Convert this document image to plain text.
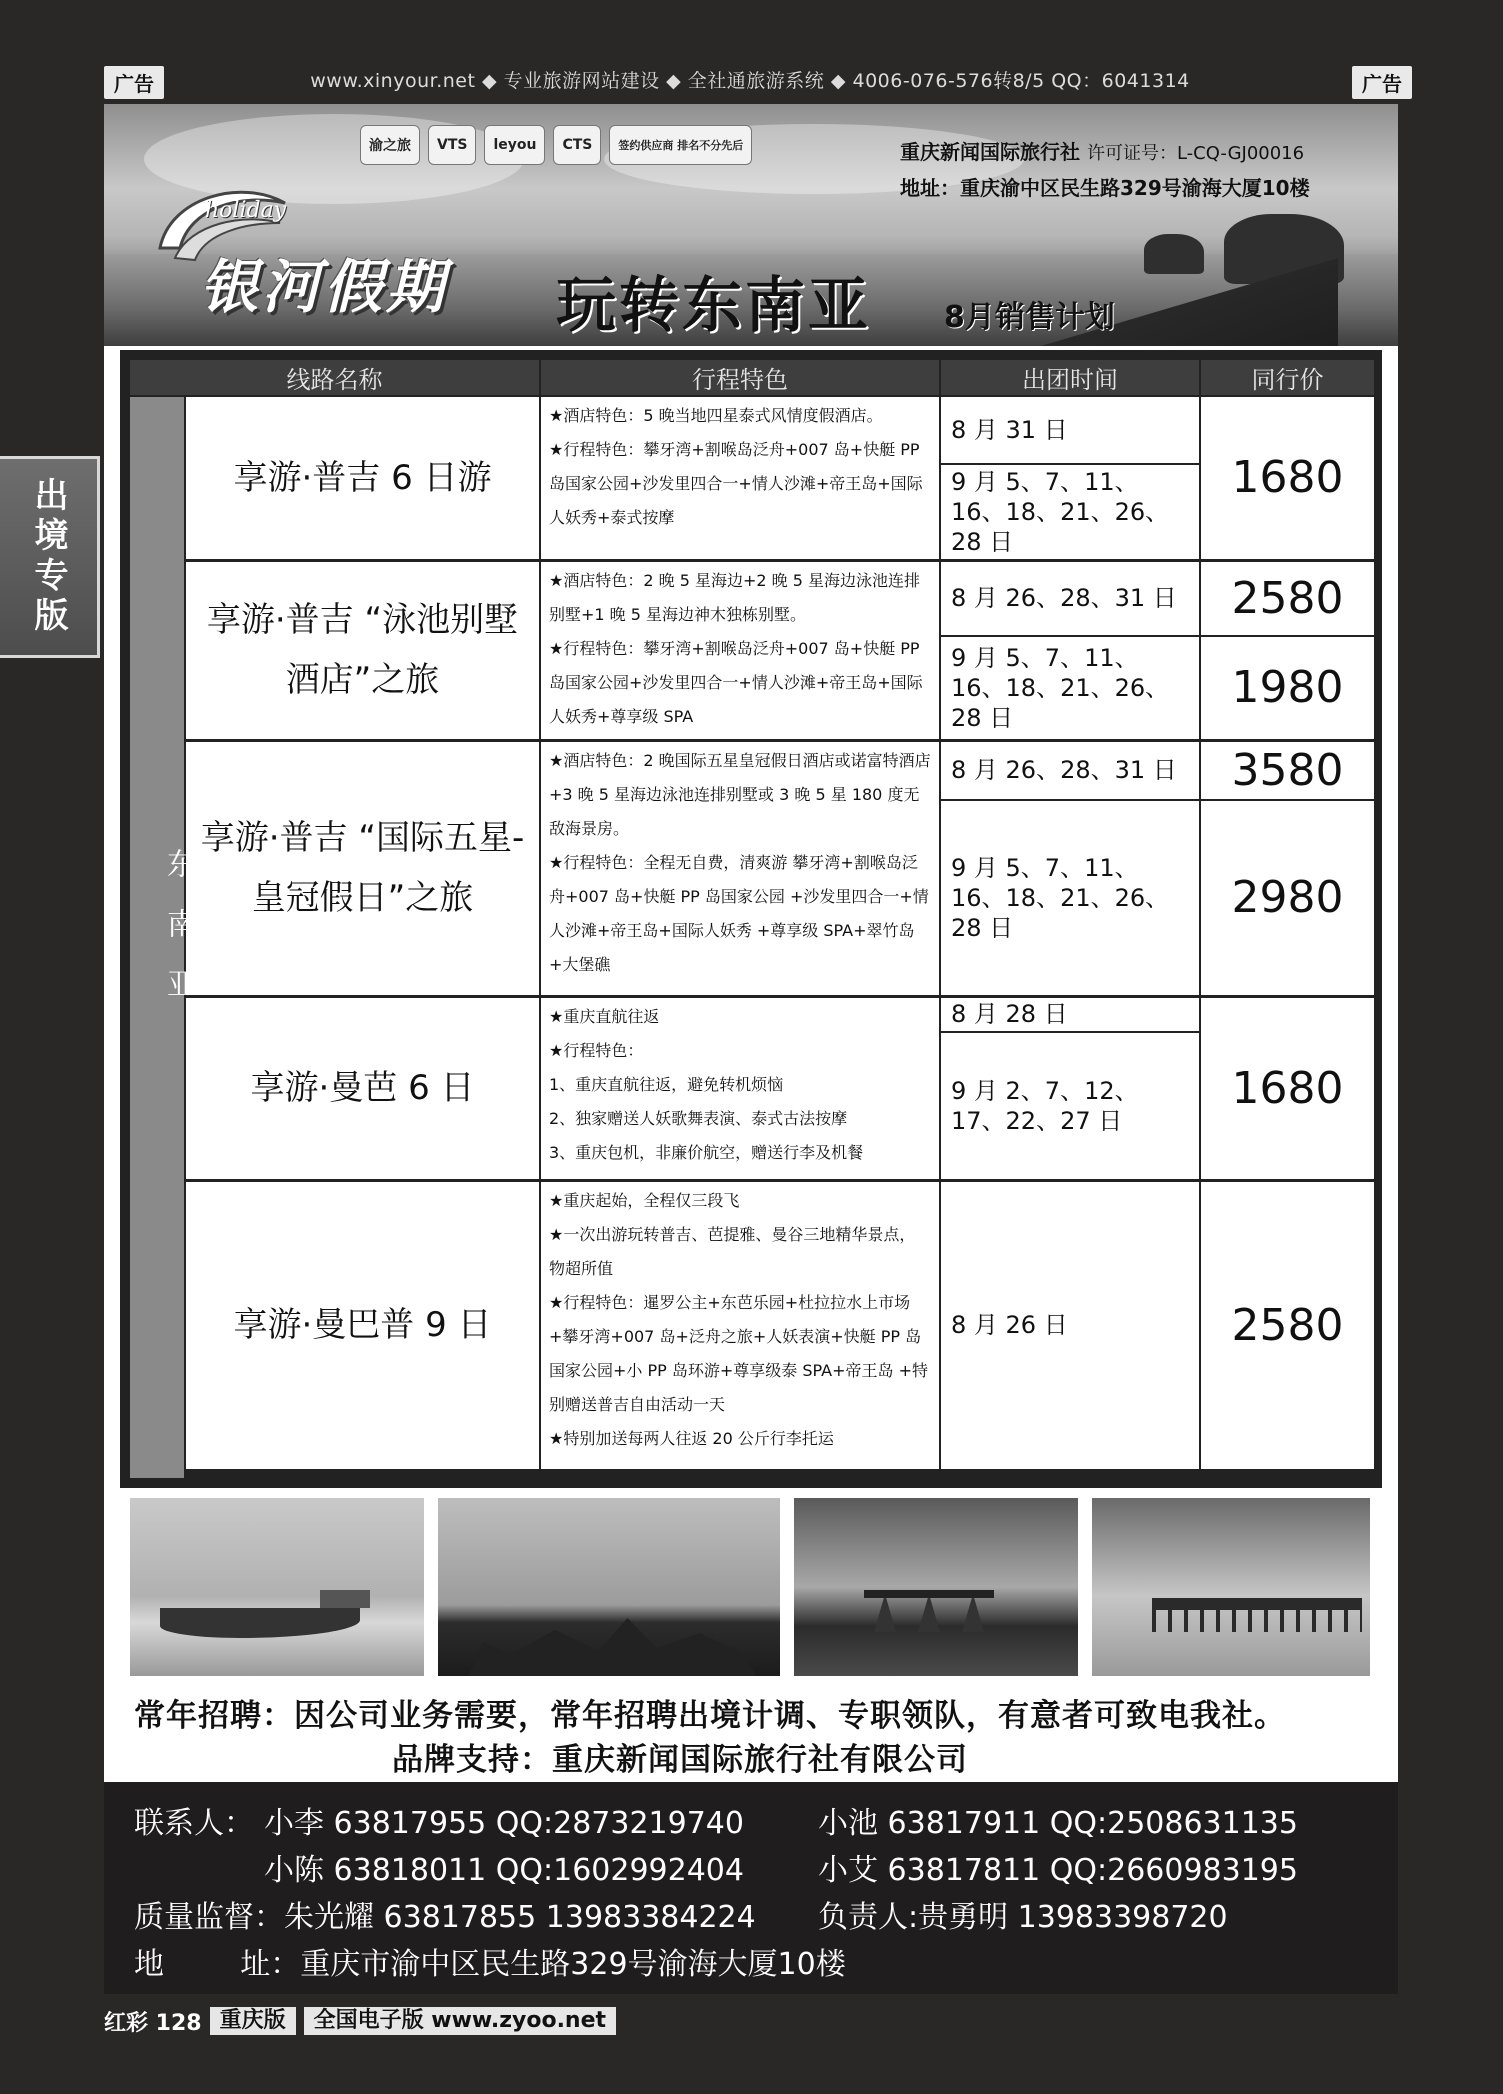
广告	广告
www.xinyour.net ◆ 专业旅游网站建设 ◆ 全社通旅游系统 ◆ 4006-076-576转8/5 QQ：6041314
渝之旅	VTS	leyou	CTS	签约供应商 排名不分先后	重庆新闻国际旅行社 许可证号：L-CQ-GJ00016
地址：重庆渝中区民生路329号渝海大厦10楼
holiday
银河假期 玩转东南亚 8月销售计划
出境专版
线路名称		行程特色	出团时间	同行价

东南亚	享游·普吉 6 日游	★酒店特色：5 晚当地四星泰式风情度假酒店。
★行程特色：攀牙湾+割喉岛泛舟+007 岛+快艇 PP 岛国家公园+沙发里四合一+情人沙滩+帝王岛+国际人妖秀+泰式按摩	8 月 31 日	1680
			9 月 5、7、11、16、18、21、26、28 日	
	享游·普吉 “泳池别墅酒店”之旅	★酒店特色：2 晚 5 星海边+2 晚 5 星海边泳池连排别墅+1 晚 5 星海边神木独栋别墅。
★行程特色：攀牙湾+割喉岛泛舟+007 岛+快艇 PP 岛国家公园+沙发里四合一+情人沙滩+帝王岛+国际人妖秀+尊享级 SPA	8 月 26、28、31 日	2580
			9 月 5、7、11、16、18、21、26、28 日	1980
	享游·普吉 “国际五星-皇冠假日”之旅	★酒店特色：2 晚国际五星皇冠假日酒店或诺富特酒店+3 晚 5 星海边泳池连排别墅或 3 晚 5 星 180 度无敌海景房。
★行程特色：全程无自费，清爽游 攀牙湾+割喉岛泛舟+007 岛+快艇 PP 岛国家公园 +沙发里四合一+情人沙滩+帝王岛+国际人妖秀 +尊享级 SPA+翠竹岛+大堡礁	8 月 26、28、31 日	3580
			9 月 5、7、11、16、18、21、26、28 日	2980
	享游·曼芭 6 日	★重庆直航往返
★行程特色：
1、重庆直航往返，避免转机烦恼
2、独家赠送人妖歌舞表演、泰式古法按摩
3、重庆包机，非廉价航空，赠送行李及机餐	8 月 28 日	1680
			9 月 2、7、12、17、22、27 日	
	享游·曼巴普 9 日	★重庆起始，全程仅三段飞
★一次出游玩转普吉、芭提雅、曼谷三地精华景点，物超所值
★行程特色：暹罗公主+东芭乐园+杜拉拉水上市场+攀牙湾+007 岛+泛舟之旅+人妖表演+快艇 PP 岛国家公园+小 PP 岛环游+尊享级泰 SPA+帝王岛 +特别赠送普吉自由活动一天
★特别加送每两人往返 20 公斤行李托运	8 月 26 日	2580

常年招聘：因公司业务需要，常年招聘出境计调、专职领队，有意者可致电我社。
品牌支持：重庆新闻国际旅行社有限公司
联系人： 小李 63817955 QQ:2873219740 小池 63817911 QQ:2508631135
小陈 63818011 QQ:1602992404 小艾 63817811 QQ:2660983195
质量监督：朱光耀 63817855 13983384224 负责人:贵勇明 13983398720
地        址：重庆市渝中区民生路329号渝海大厦10楼
红彩 128 重庆版	全国电子版 www.zyoo.net
